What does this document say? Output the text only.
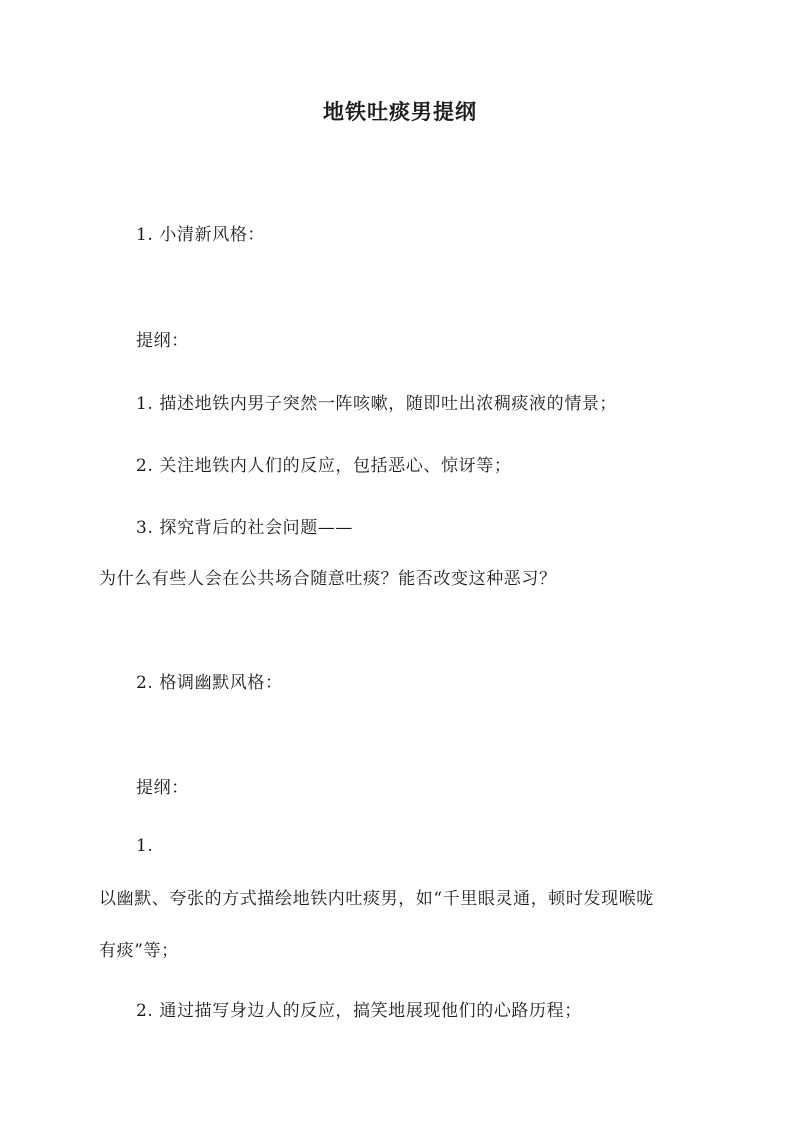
地铁吐痰男提纲
1. 小清新风格：
提纲：
1. 描述地铁内男子突然一阵咳嗽，随即吐出浓稠痰液的情景；
2. 关注地铁内人们的反应，包括恶心、惊讶等；
3. 探究背后的社会问题——
为什么有些人会在公共场合随意吐痰？能否改变这种恶习？
2. 格调幽默风格：
提纲：
1.
以幽默、夸张的方式描绘地铁内吐痰男，如“千里眼灵通，顿时发现喉咙
有痰”等；
2. 通过描写身边人的反应，搞笑地展现他们的心路历程；
